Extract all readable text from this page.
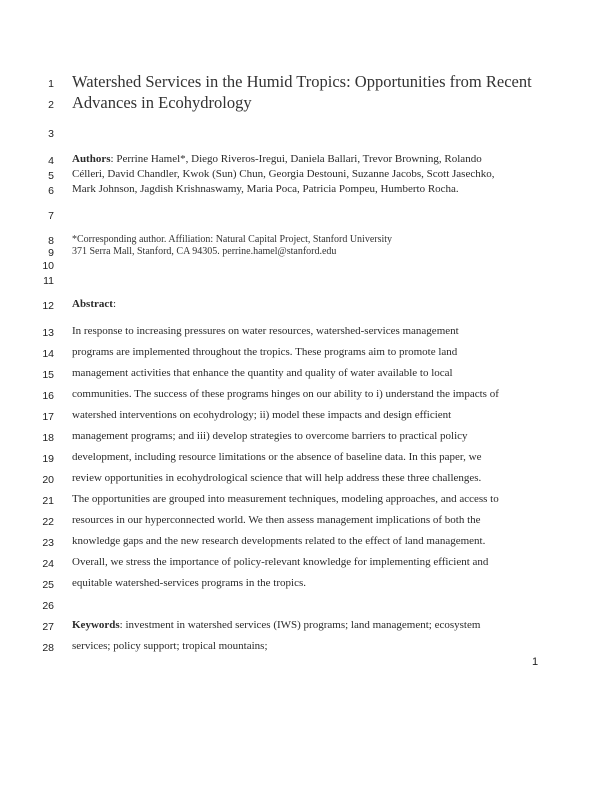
1 Watershed Services in the Humid Tropics: Opportunities from Recent
2 Advances in Ecohydrology
3
4 Authors: Perrine Hamel*, Diego Riveros-Iregui, Daniela Ballari, Trevor Browning, Rolando
5 Célleri, David Chandler, Kwok (Sun) Chun, Georgia Destouni, Suzanne Jacobs, Scott Jasechko,
6 Mark Johnson, Jagdish Krishnaswamy, Maria Poca, Patricia Pompeu, Humberto Rocha.
7
8 *Corresponding author. Affiliation: Natural Capital Project, Stanford University
9 371 Serra Mall, Stanford, CA 94305. perrine.hamel@stanford.edu
10
11
12 Abstract:
13 In response to increasing pressures on water resources, watershed-services management
14 programs are implemented throughout the tropics. These programs aim to promote land
15 management activities that enhance the quantity and quality of water available to local
16 communities. The success of these programs hinges on our ability to i) understand the impacts of
17 watershed interventions on ecohydrology; ii) model these impacts and design efficient
18 management programs; and iii) develop strategies to overcome barriers to practical policy
19 development, including resource limitations or the absence of baseline data. In this paper, we
20 review opportunities in ecohydrological science that will help address these three challenges.
21 The opportunities are grouped into measurement techniques, modeling approaches, and access to
22 resources in our hyperconnected world. We then assess management implications of both the
23 knowledge gaps and the new research developments related to the effect of land management.
24 Overall, we stress the importance of policy-relevant knowledge for implementing efficient and
25 equitable watershed-services programs in the tropics.
26
27 Keywords: investment in watershed services (IWS) programs; land management; ecosystem
28 services; policy support; tropical mountains;
1
